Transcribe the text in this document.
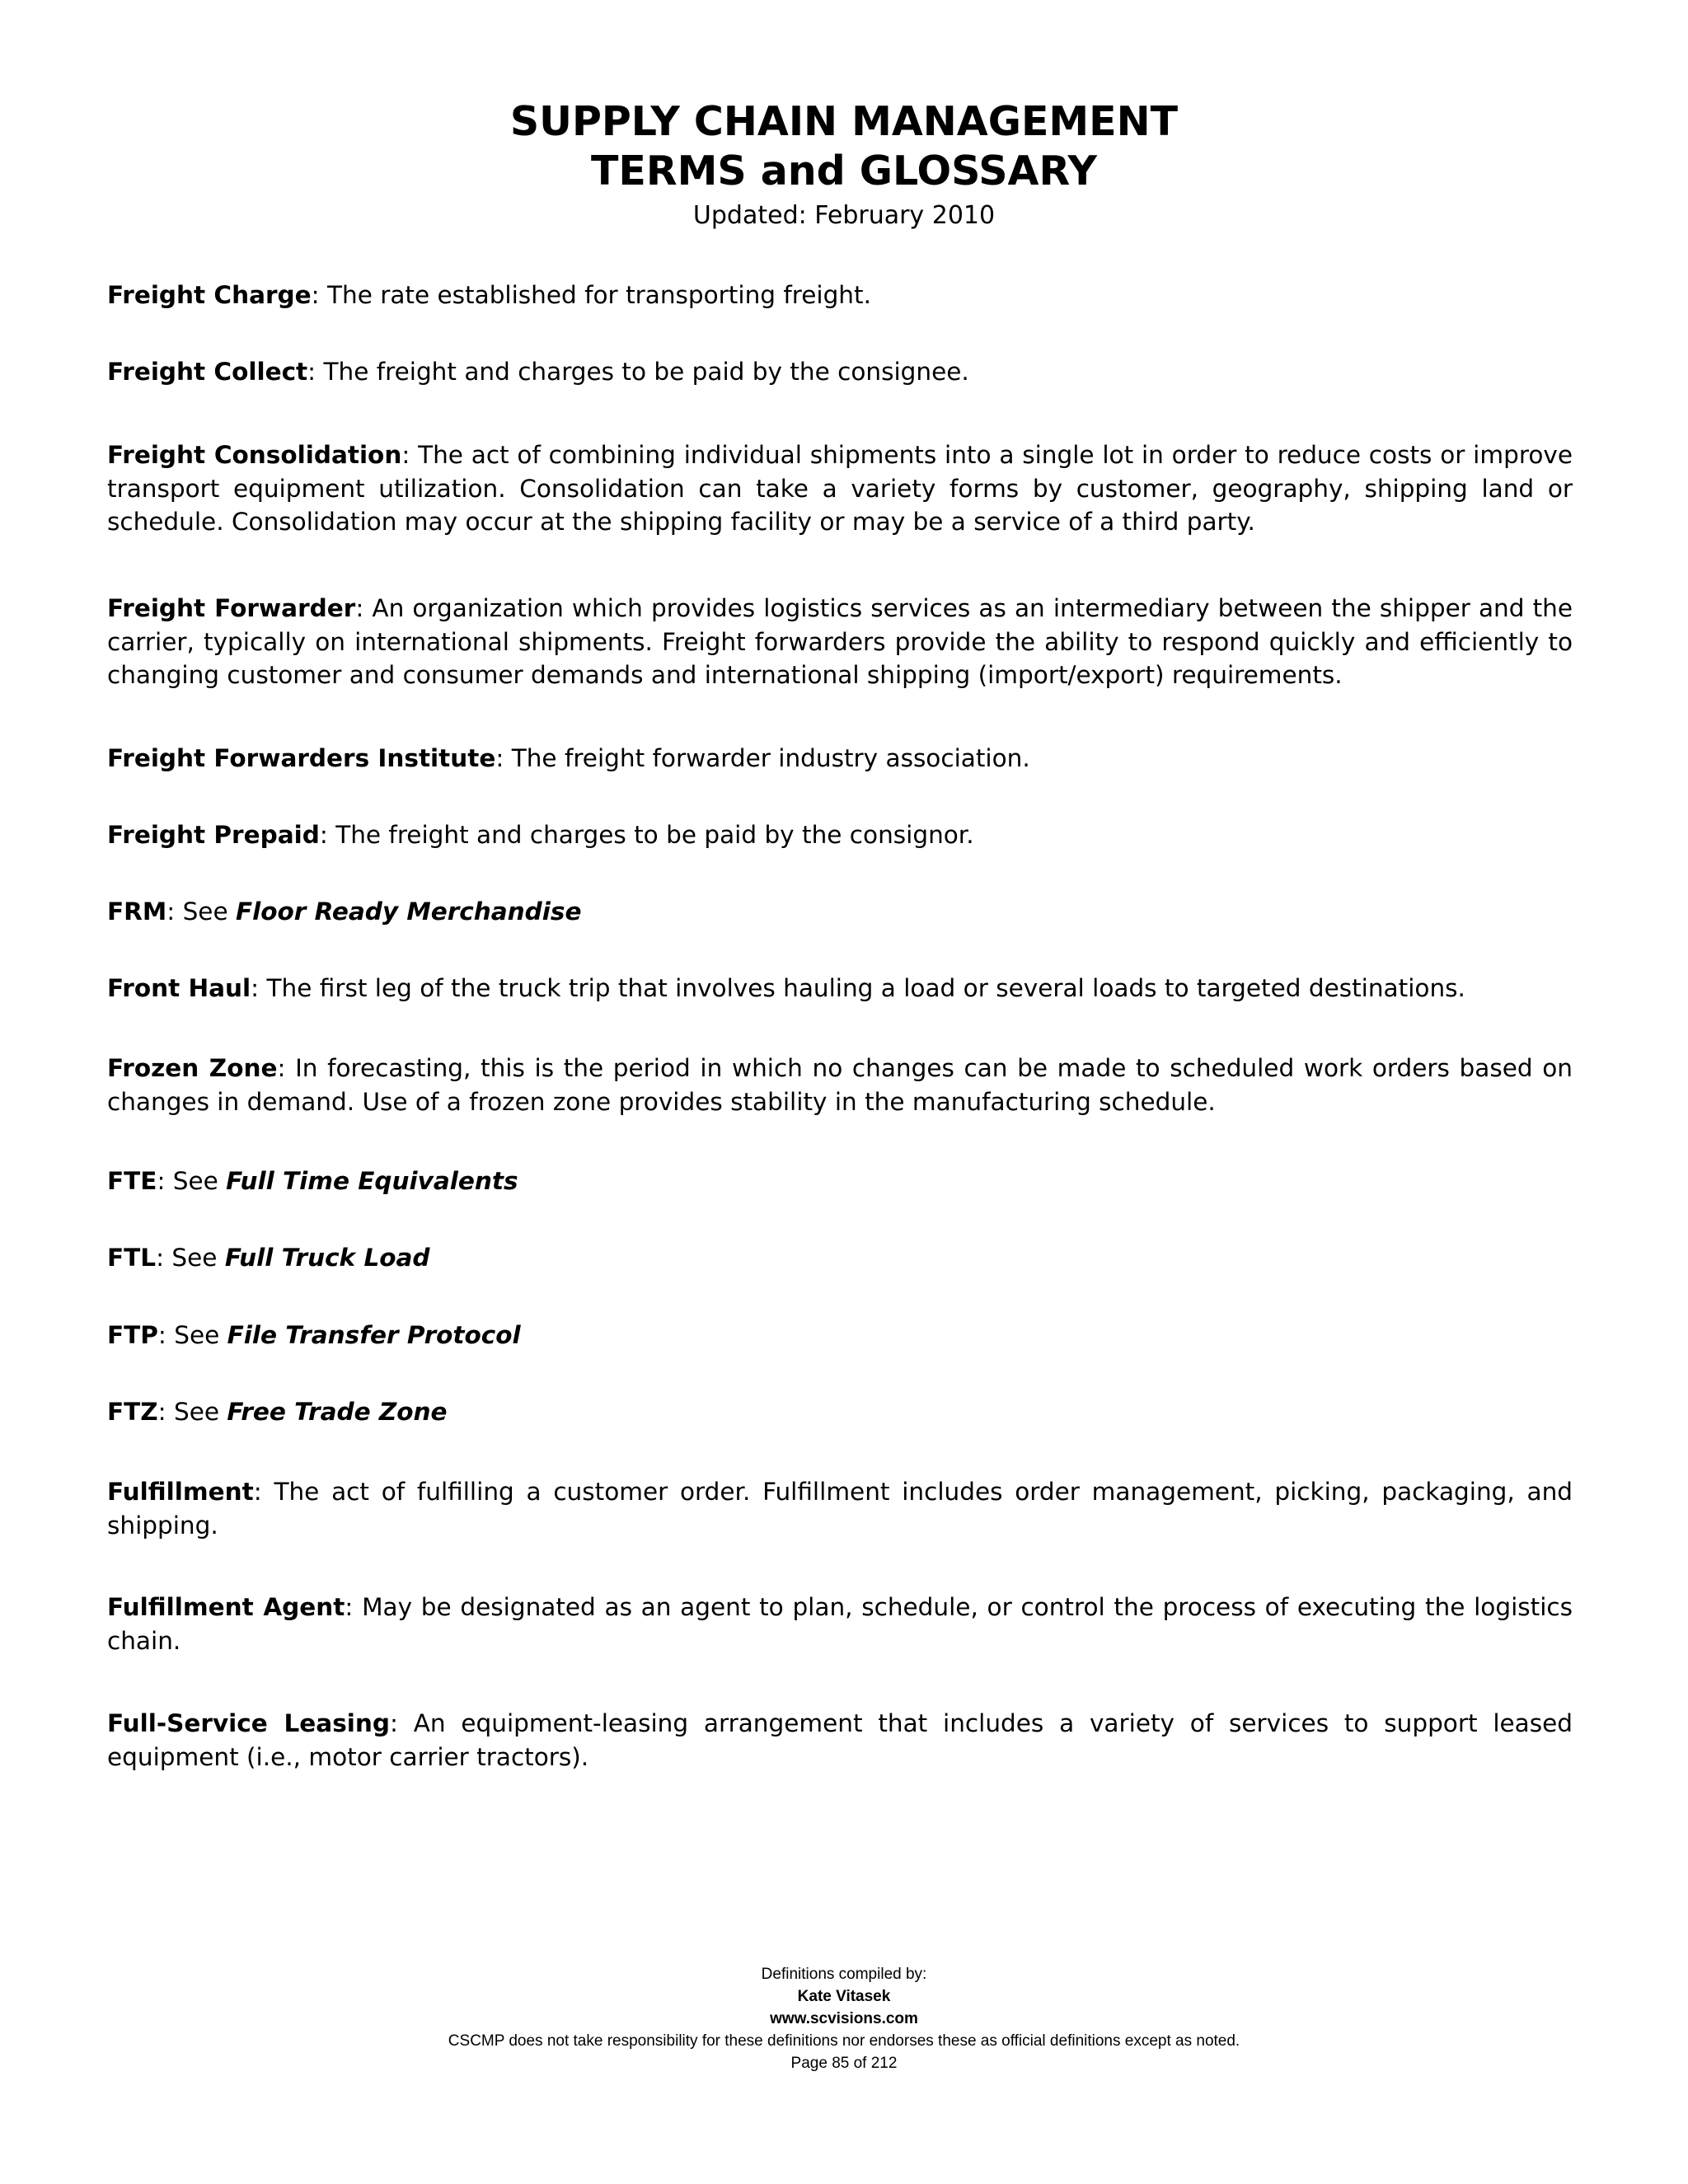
SUPPLY CHAIN MANAGEMENT
TERMS and GLOSSARY
Updated: February 2010

Freight Charge: The rate established for transporting freight.

Freight Collect: The freight and charges to be paid by the consignee.

Freight Consolidation: The act of combining individual shipments into a single lot in order to reduce costs or improve transport equipment utilization. Consolidation can take a variety forms by customer, geography, shipping land or schedule. Consolidation may occur at the shipping facility or may be a service of a third party.

Freight Forwarder: An organization which provides logistics services as an intermediary between the shipper and the carrier, typically on international shipments. Freight forwarders provide the ability to respond quickly and efficiently to changing customer and consumer demands and international shipping (import/export) requirements.

Freight Forwarders Institute: The freight forwarder industry association.

Freight Prepaid: The freight and charges to be paid by the consignor.

FRM: See Floor Ready Merchandise

Front Haul: The first leg of the truck trip that involves hauling a load or several loads to targeted destinations.

Frozen Zone: In forecasting, this is the period in which no changes can be made to scheduled work orders based on changes in demand. Use of a frozen zone provides stability in the manufacturing schedule.

FTE: See Full Time Equivalents

FTL: See Full Truck Load

FTP: See File Transfer Protocol

FTZ: See Free Trade Zone

Fulfillment: The act of fulfilling a customer order. Fulfillment includes order management, picking, packaging, and shipping.

Fulfillment Agent: May be designated as an agent to plan, schedule, or control the process of executing the logistics chain.

Full-Service Leasing: An equipment-leasing arrangement that includes a variety of services to support leased equipment (i.e., motor carrier tractors).

Definitions compiled by:
Kate Vitasek
www.scvisions.com
CSCMP does not take responsibility for these definitions nor endorses these as official definitions except as noted.
Page 85 of 212
